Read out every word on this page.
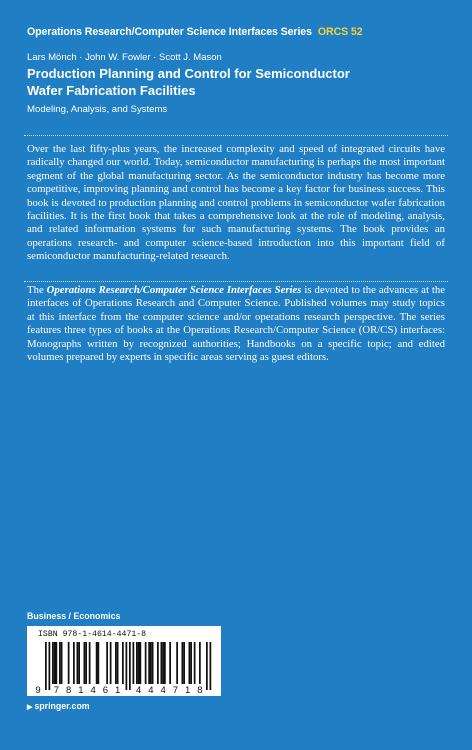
Operations Research/Computer Science Interfaces Series ORCS 52
Lars Mönch · John W. Fowler · Scott J. Mason
Production Planning and Control for Semiconductor
Wafer Fabrication Facilities
Modeling, Analysis, and Systems
Over the last fifty-plus years, the increased complexity and speed of integrated circuits have radically changed our world. Today, semiconductor manufacturing is perhaps the most important segment of the global manufacturing sector. As the semiconductor industry has become more competitive, improving planning and control has become a key factor for business success. This book is devoted to production planning and control problems in semiconductor wafer fabrication facilities. It is the first book that takes a comprehensive look at the role of modeling, analysis, and related information systems for such manufacturing systems. The book provides an operations research- and computer science-based introduction into this important field of semiconductor manufacturing-related research.
The Operations Research/Computer Science Interfaces Series is devoted to the advances at the interfaces of Operations Research and Computer Science. Published volumes may study topics at this interface from the computer science and/or operations research perspective. The series features three types of books at the Operations Research/Computer Science (OR/CS) interfaces: Monographs written by recognized authorities; Handbooks on a specific topic; and edited volumes prepared by experts in specific areas serving as guest editors.
Business / Economics
ISBN 978-1-4614-4471-8
9 7 8 1 4 6 1 4 4 4 7 1 8
▶ springer.com
